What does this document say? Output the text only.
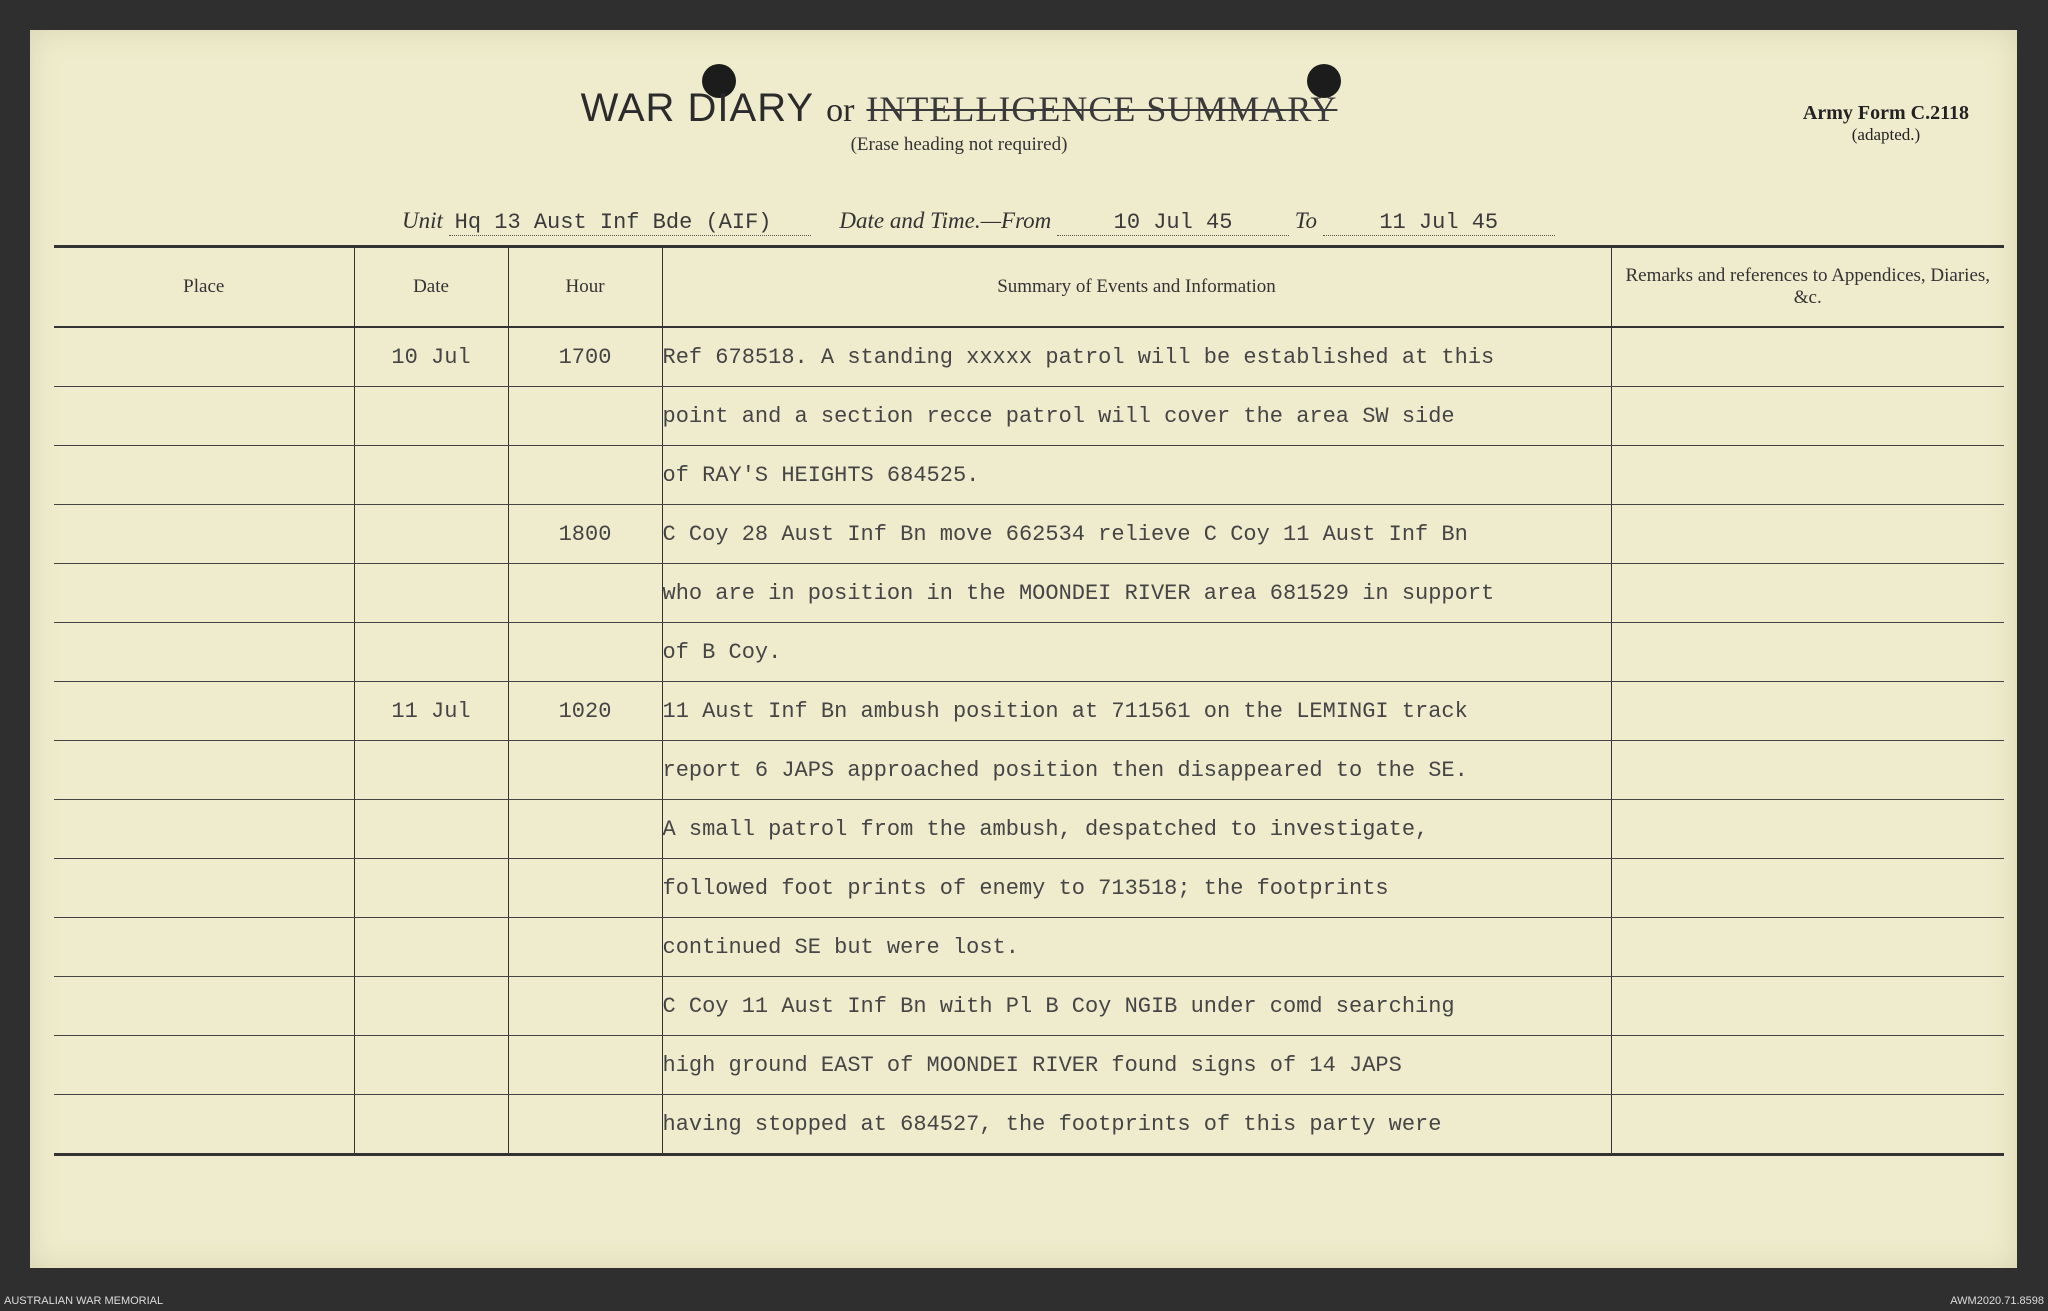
Army Form C.2118
(adapted.)
Unit Hq 13 Aust Inf Bde (AIF)	Date and Time.—From	10 Jul 45	To	11 Jul 45
Place	Date	Hour	Summary of Events and Information	Remarks and references to Appendices, Diaries, &c.
	10 Jul	1700	Ref 678518. A standing xxxxx patrol will be established at this	
			point and a section recce patrol will cover the area SW side	
			of RAY'S HEIGHTS 684525.	
		1800	C Coy 28 Aust Inf Bn move 662534 relieve C Coy 11 Aust Inf Bn	
			who are in position in the MOONDEI RIVER area 681529 in support	
			of B Coy.	
	11 Jul	1020	11 Aust Inf Bn ambush position at 711561 on the LEMINGI track	
			report 6 JAPS approached position then disappeared to the SE.	
			A small patrol from the ambush, despatched to investigate,	
			followed foot prints of enemy to 713518; the footprints	
			continued SE but were lost.	
			C Coy 11 Aust Inf Bn with Pl B Coy NGIB under comd searching	
			high ground EAST of MOONDEI RIVER found signs of 14 JAPS	
			having stopped at 684527, the footprints of this party were	
WAR DIARY or INTELLIGENCE SUMMARY
(Erase heading not required)
AUSTRALIAN WAR MEMORIAL	AWM2020.71.8598
